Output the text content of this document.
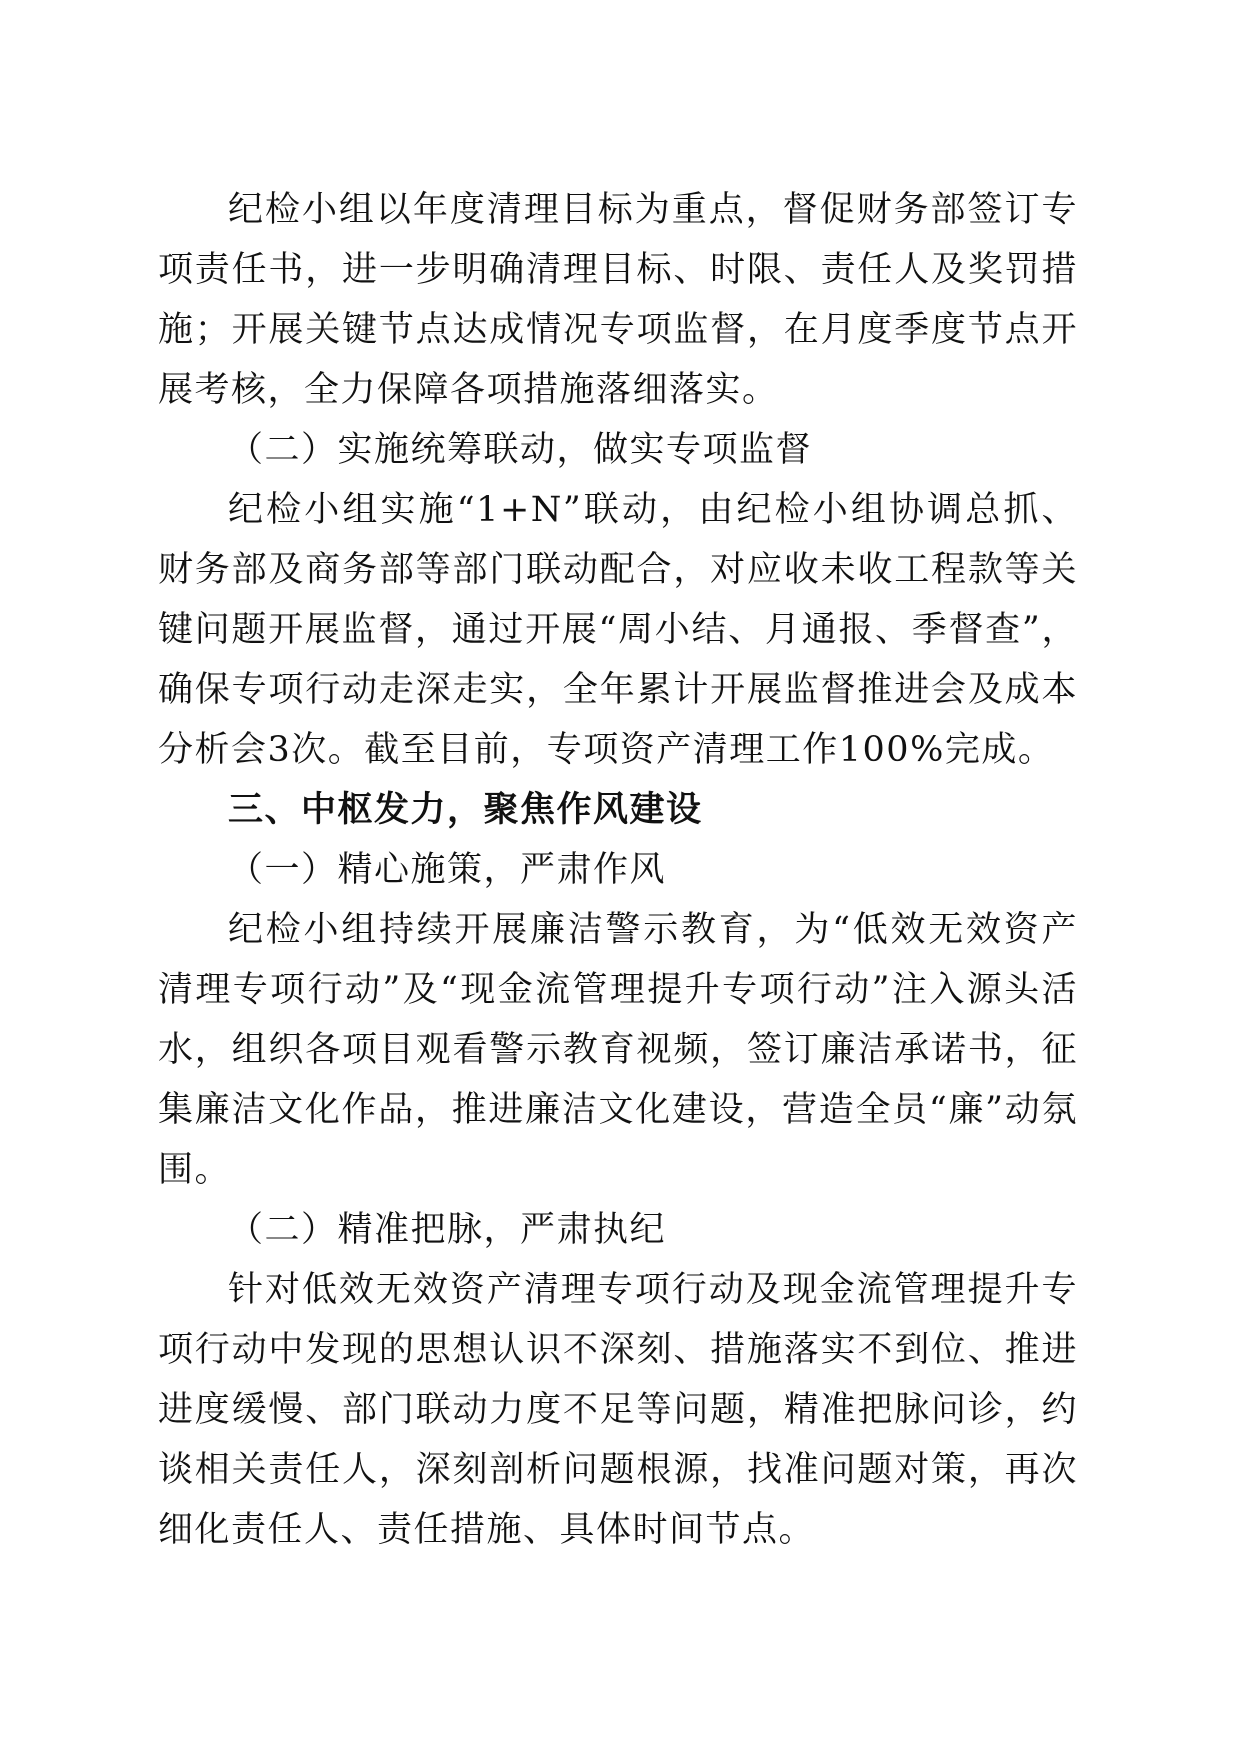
纪检小组以年度清理目标为重点，督促财务部签订专项责任书，进一步明确清理目标、时限、责任人及奖罚措施；开展关键节点达成情况专项监督，在月度季度节点开展考核，全力保障各项措施落细落实。

（二）实施统筹联动，做实专项监督

纪检小组实施“1+N”联动，由纪检小组协调总抓、财务部及商务部等部门联动配合，对应收未收工程款等关键问题开展监督，通过开展“周小结、月通报、季督查”，确保专项行动走深走实，全年累计开展监督推进会及成本分析会3次。截至目前，专项资产清理工作100%完成。

三、中枢发力，聚焦作风建设

（一）精心施策，严肃作风

纪检小组持续开展廉洁警示教育，为“低效无效资产清理专项行动”及“现金流管理提升专项行动”注入源头活水，组织各项目观看警示教育视频，签订廉洁承诺书，征集廉洁文化作品，推进廉洁文化建设，营造全员“廉”动氛围。

（二）精准把脉，严肃执纪

针对低效无效资产清理专项行动及现金流管理提升专项行动中发现的思想认识不深刻、措施落实不到位、推进进度缓慢、部门联动力度不足等问题，精准把脉问诊，约谈相关责任人，深刻剖析问题根源，找准问题对策，再次细化责任人、责任措施、具体时间节点。
